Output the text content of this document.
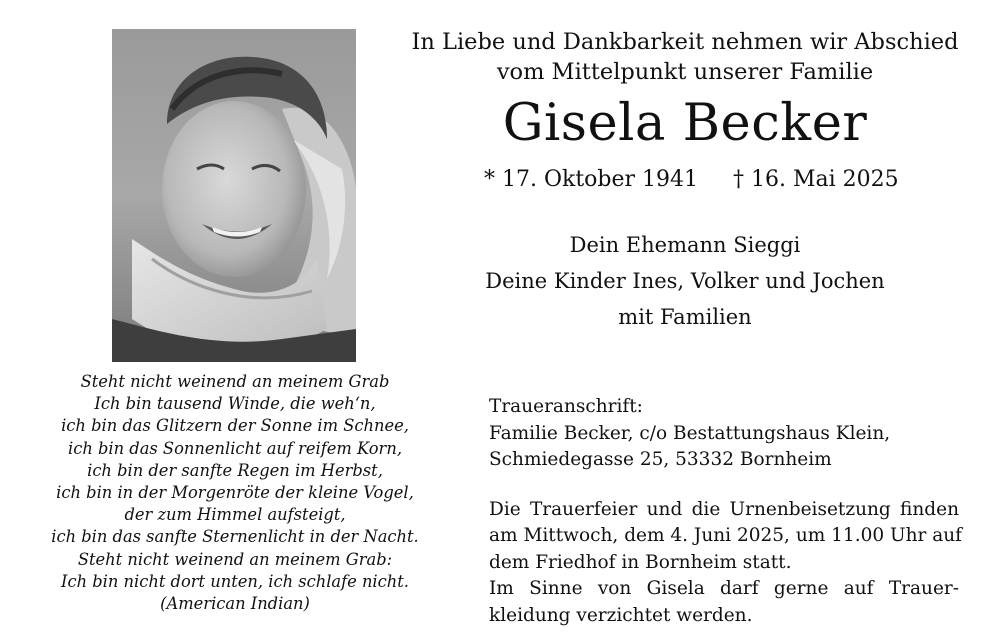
In Liebe und Dankbarkeit nehmen wir Abschied
vom Mittelpunkt unserer Familie
Gisela Becker
* 17. Oktober 1941 † 16. Mai 2025
Dein Ehemann Sieggi
Deine Kinder Ines, Volker und Jochen
mit Familien
Steht nicht weinend an meinem Grab
Ich bin tausend Winde, die weh‘n,
ich bin das Glitzern der Sonne im Schnee,
ich bin das Sonnenlicht auf reifem Korn,
ich bin der sanfte Regen im Herbst,
ich bin in der Morgenröte der kleine Vogel,
der zum Himmel aufsteigt,
ich bin das sanfte Sternenlicht in der Nacht.
Steht nicht weinend an meinem Grab:
Ich bin nicht dort unten, ich schlafe nicht.
(American Indian)
Traueranschrift:
Familie Becker, c/o Bestattungshaus Klein,
Schmiedegasse 25, 53332 Bornheim
Die Trauerfeier und die Urnenbeisetzung finden
am Mittwoch, dem 4. Juni 2025, um 11.00 Uhr auf
dem Friedhof in Bornheim statt.
Im Sinne von Gisela darf gerne auf Trauer-
kleidung verzichtet werden.
